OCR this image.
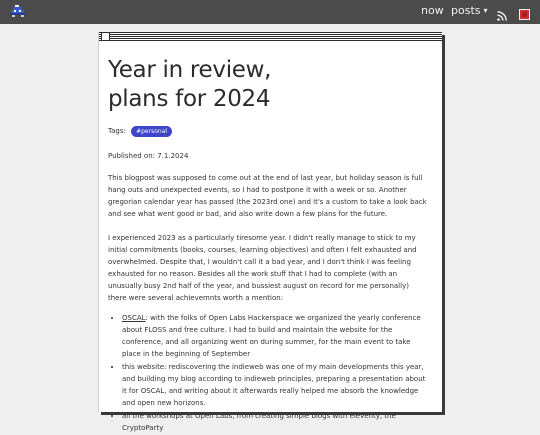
now posts ▾
Year in review,
plans for 2024
Tags: #personal
Published on: 7.1.2024

This blogpost was supposed to come out at the end of last year, but holiday season is full hang outs and unexpected events, so I had to postpone it with a week or so. Another gregorian calendar year has passed (the 2023rd one) and it's a custom to take a look back and see what went good or bad, and also write down a few plans for the future.

I experienced 2023 as a particularly tiresome year. I didn't really manage to stick to my initial commitments (books, courses, learning objectives) and often I felt exhausted and overwhelmed. Despite that, I wouldn't call it a bad year, and I don't think I was feeling exhausted for no reason. Besides all the work stuff that I had to complete (with an unusually busy 2nd half of the year, and bussiest august on record for me personally) there were several achievemnts worth a mention:

• OSCAL: with the folks of Open Labs Hackerspace we organized the yearly conference about FLOSS and free culture. I had to build and maintain the website for the conference, and all organizing went on during summer, for the main event to take place in the beginning of September
• this website: rediscovering the indieweb was one of my main developments this year, and building my blog according to indieweb principles, preparing a presentation about it for OSCAL, and writing about it afterwards really helped me absorb the knowledge and open new horizons.
• all the workshops at Open Labs, from creating simple blogs with eleventy, the CryptoParty
